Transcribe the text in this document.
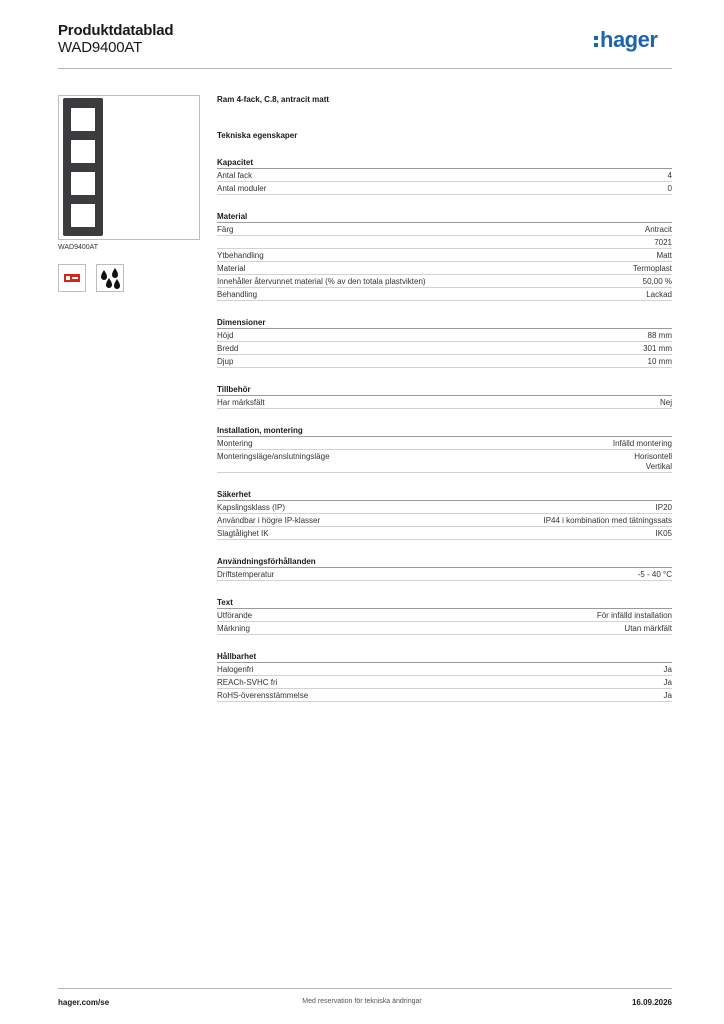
Produktdatablad
WAD9400AT	hager
WAD9400AT
Ram 4-fack, C.8, antracit matt
Tekniska egenskaper
Kapacitet
Antal fack	4
Antal moduler	0
Material
Färg	Antracit
7021
Ytbehandling	Matt
Material	Termoplast
Innehåller återvunnet material (% av den totala plastvikten)	50,00 %
Behandling	Lackad
Dimensioner
Höjd	88 mm
Bredd	301 mm
Djup	10 mm
Tillbehör
Har märksfält	Nej
Installation, montering
Montering	Infälld montering
Monteringsläge/anslutningsläge	Horisontell
Vertikal
Säkerhet
Kapslingsklass (IP)	IP20
Användbar i högre IP-klasser	IP44 i kombination med tätningssats
Slagtålighet IK	IK05
Användningsförhållanden
Driftstemperatur	-5 - 40 °C
Text
Utförande	För infälld installation
Märkning	Utan märkfält
Hållbarhet
Halogenfri	Ja
REACh-SVHC fri	Ja
RoHS-överensstämmelse	Ja
hager.com/se	Med reservation för tekniska ändringar	16.09.2026
